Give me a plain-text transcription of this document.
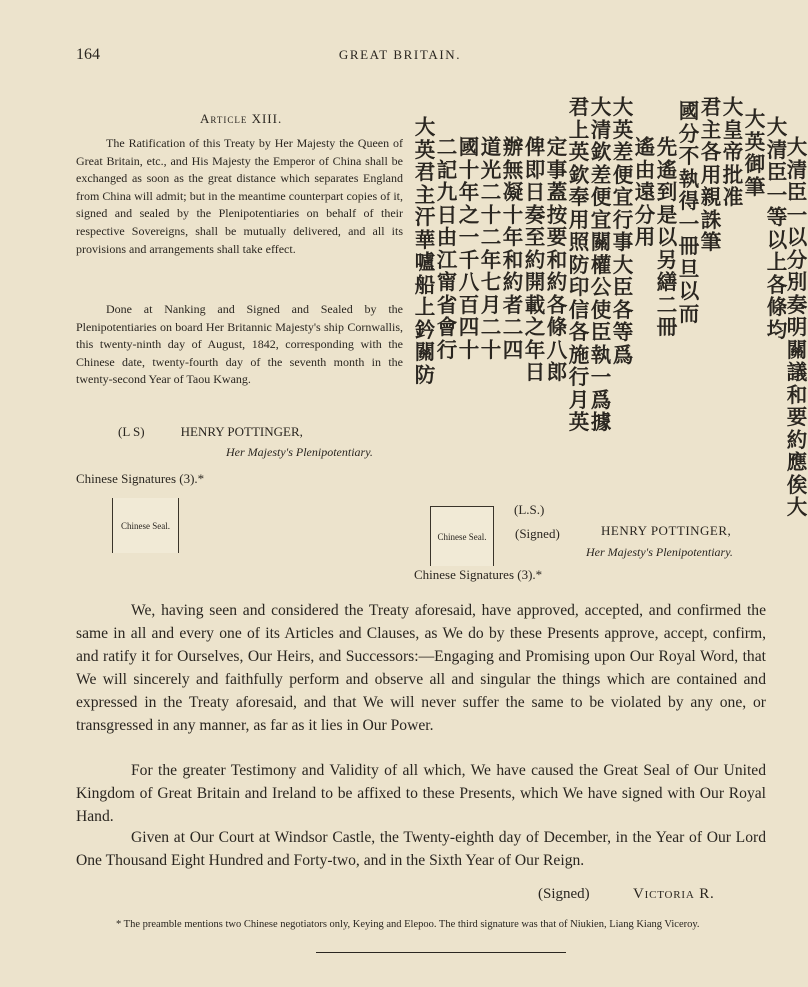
164	GREAT BRITAIN.
Article XIII.

The Ratification of this Treaty by Her Majesty the Queen of Great Britain, etc., and His Majesty the Emperor of China shall be exchanged as soon as the great distance which separates England from China will admit; but in the meantime counterpart copies of it, signed and sealed by the Plenipotentiaries on behalf of their respective Sovereigns, shall be mutually delivered, and all its provisions and arrangements shall take effect.

Done at Nanking and Signed and Sealed by the Plenipotentiaries on board Her Britannic Majesty's ship Cornwallis, this twenty-ninth day of August, 1842, corresponding with the Chinese date, twenty-fourth day of the seventh month in the twenty-second Year of Taou Kwang.

(L S)	HENRY POTTINGER,
Her Majesty's Plenipotentiary.
Chinese Signatures (3).*
Chinese Seal.
Chinese Seal.
(L.S.)
(Signed)	HENRY POTTINGER,
Her Majesty's Plenipotentiary.
Chinese Signatures (3).*
大英君主汗華嚧船上鈐關防
二記九日由江甯省會行
國十年之一千八百四十
道光二十二年七月二十
辦無凝十年和約者二四
俾即日奏至約開載之年日
定事蓋按要和約各條八郎
君上英欽奉用照防印信各施行月英
大清欽差便宜關權公使臣執一爲據
大英差便宜行事大臣各等爲
遙由遠分用
先遙到是以另繕二冊
國分不執得一冊旦以而
君主各用親誅筆
大皇帝批准
大英御筆
大清臣一等以上各條均
大清臣一以分別奏明關議和要約應俟大

We, having seen and considered the Treaty aforesaid, have approved, accepted, and confirmed the same in all and every one of its Articles and Clauses, as We do by these Presents approve, accept, confirm, and ratify it for Ourselves, Our Heirs, and Successors:—Engaging and Promising upon Our Royal Word, that We will sincerely and faithfully perform and observe all and singular the things which are contained and expressed in the Treaty aforesaid, and that We will never suffer the same to be violated by any one, or transgressed in any manner, as far as it lies in Our Power.

For the greater Testimony and Validity of all which, We have caused the Great Seal of Our United Kingdom of Great Britain and Ireland to be affixed to these Presents, which We have signed with Our Royal Hand.

Given at Our Court at Windsor Castle, the Twenty-eighth day of December, in the Year of Our Lord One Thousand Eight Hundred and Forty-two, and in the Sixth Year of Our Reign.

(Signed)	Victoria R.
* The preamble mentions two Chinese negotiators only, Keying and Elepoo. The third signature was that of Niukien, Liang Kiang Viceroy.
